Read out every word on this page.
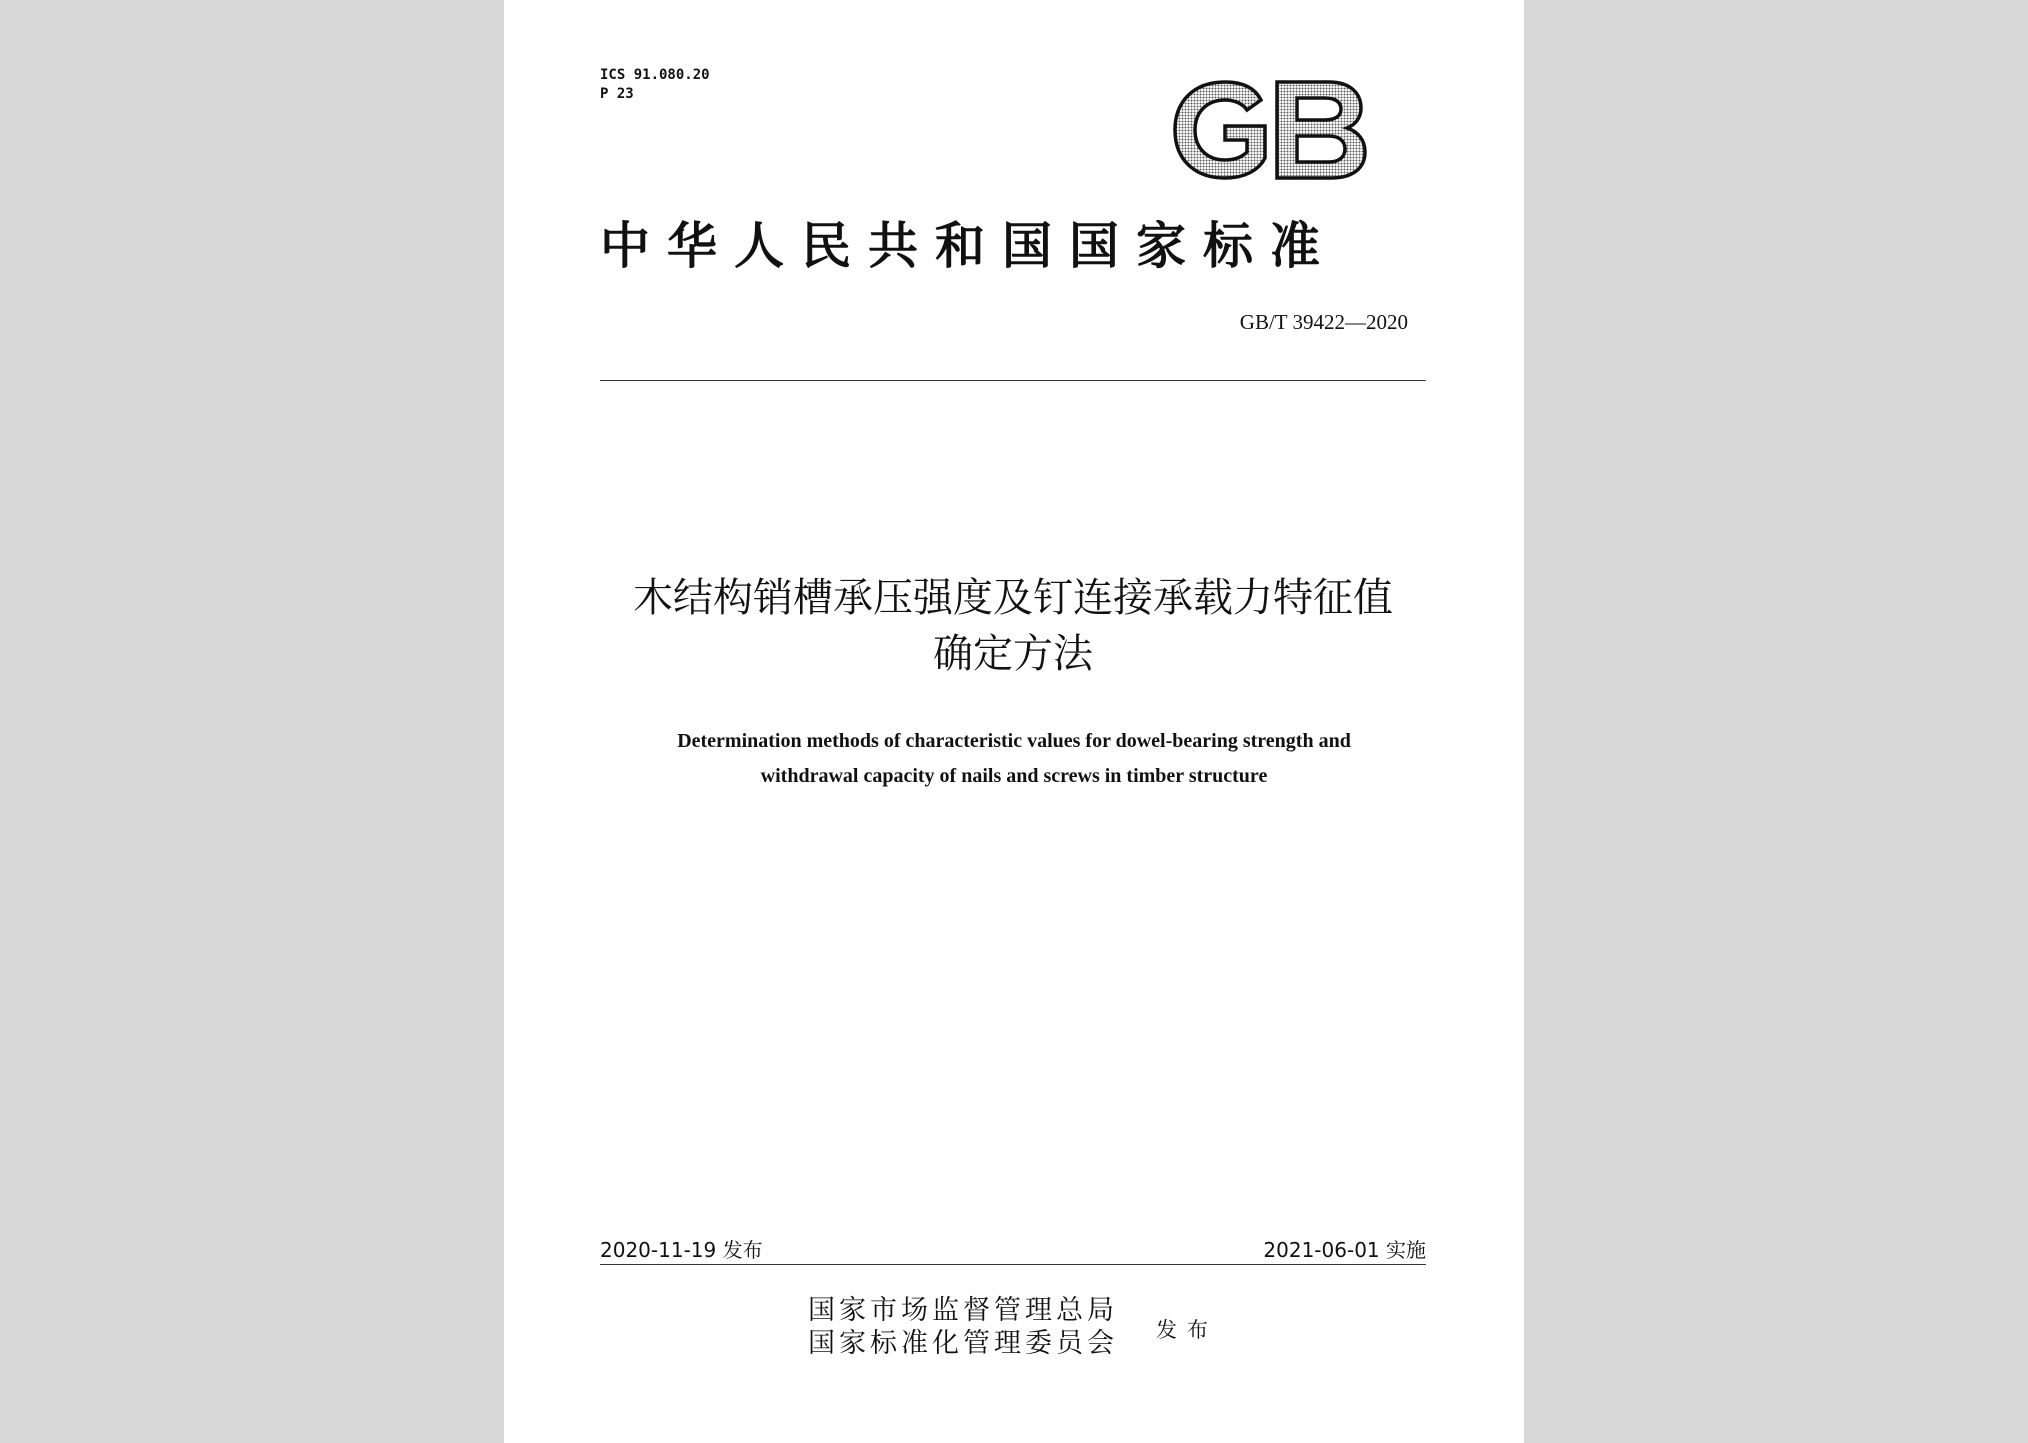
ICS 91.080.20
P 23
中华人民共和国国家标准
GB/T 39422—2020
木结构销槽承压强度及钉连接承载力特征值
确定方法
Determination methods of characteristic values for dowel-bearing strength and
withdrawal capacity of nails and screws in timber structure
2020-11-19 发布	2021-06-01 实施
国家市场监督管理总局
国家标准化管理委员会 发布
